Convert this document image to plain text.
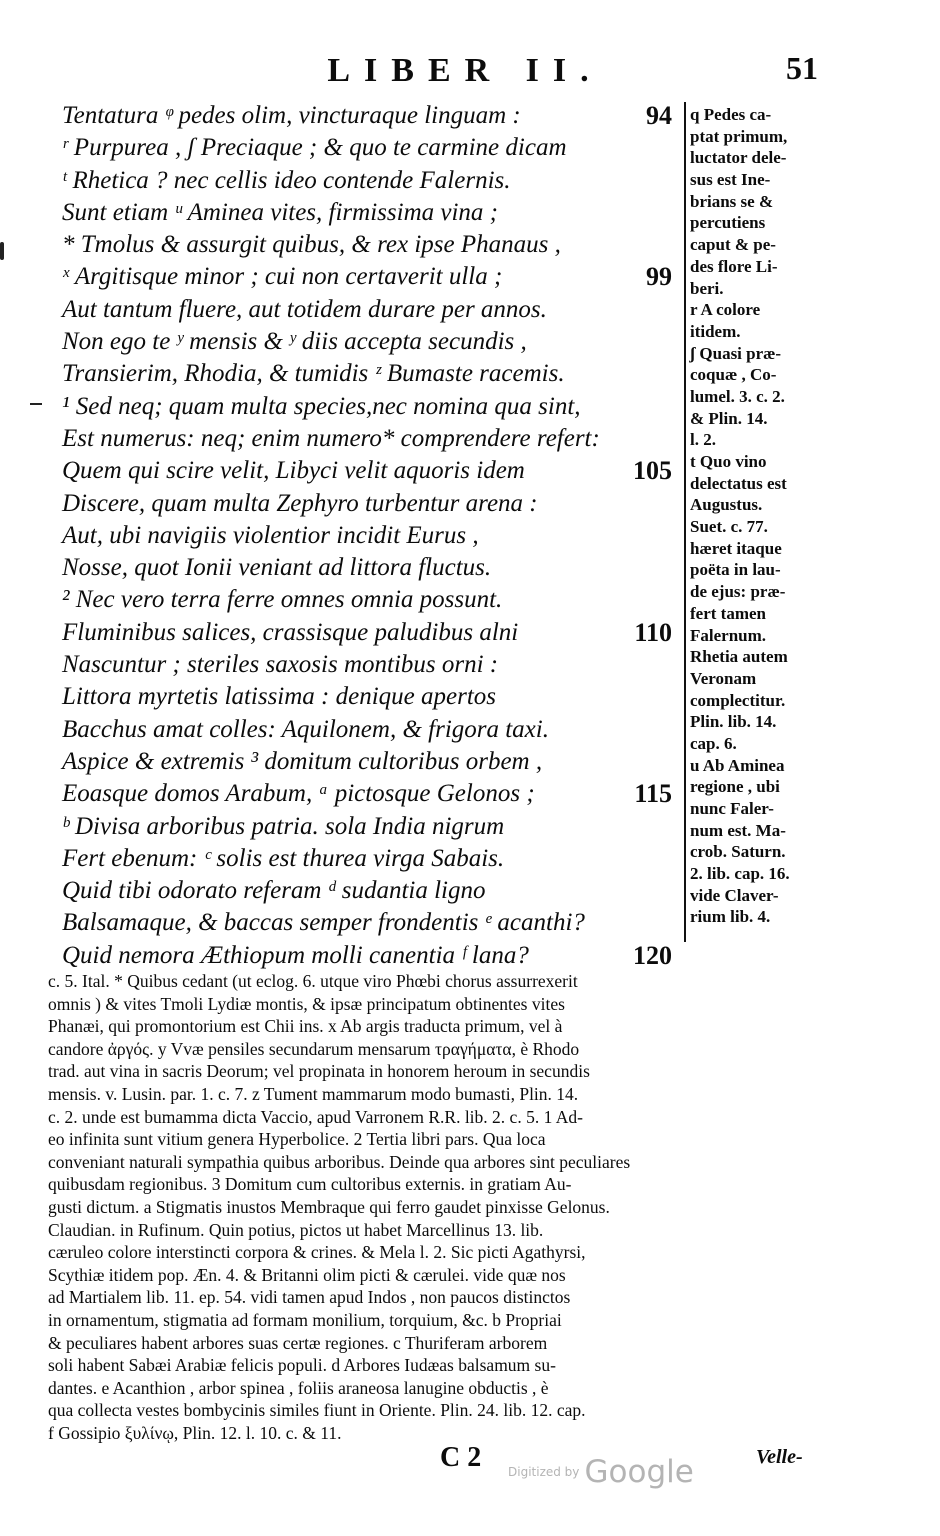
LIBER II.	51
Tentatura ᵠ pedes olim, vincturaque linguam :	94
ʳ Purpurea , ʃ Preciaque ; & quo te carmine dicam
ᵗ Rhetica ? nec cellis ideo contende Falernis.
Sunt etiam ᵘ Aminea vites, firmissima vina ;
* Tmolus & assurgit quibus, & rex ipse Phanaus ,
ˣ Argitisque minor ; cui non certaverit ulla ;	99
Aut tantum fluere, aut totidem durare per annos.
Non ego te ʸ mensis & ʸ diis accepta secundis ,
Transierim, Rhodia, & tumidis ᶻ Bumaste racemis.
¹ Sed neq; quam multa species,nec nomina qua sint,
Est numerus: neq; enim numero* comprendere refert:
Quem qui scire velit, Libyci velit aquoris idem	105
Discere, quam multa Zephyro turbentur arena :
Aut, ubi navigiis violentior incidit Eurus ,
Nosse, quot Ionii veniant ad littora fluctus.
² Nec vero terra ferre omnes omnia possunt.
Fluminibus salices, crassisque paludibus alni	110
Nascuntur ; steriles saxosis montibus orni :
Littora myrtetis latissima : denique apertos
Bacchus amat colles: Aquilonem, & frigora taxi.
Aspice & extremis ³ domitum cultoribus orbem ,
Eoasque domos Arabum, ᵃ pictosque Gelonos ;	115
ᵇ Divisa arboribus patria. sola India nigrum
Fert ebenum: ᶜ solis est thurea virga Sabais.
Quid tibi odorato referam ᵈ sudantia ligno
Balsamaque, & baccas semper frondentis ᵉ acanthi?
Quid nemora Æthiopum molli canentia ᶠ lana?	120
q Pedes ca-
ptat primum,
luctator dele-
sus est Ine-
brians se &
percutiens
caput & pe-
des flore Li-
beri.
r A colore
itidem.
ʃ Quasi præ-
coquæ , Co-
lumel. 3. c. 2.
& Plin. 14.
l. 2.
t Quo vino
delectatus est
Augustus.
Suet. c. 77.
hæret itaque
poëta in lau-
de ejus: præ-
fert tamen
Falernum.
Rhetia autem
Veronam
complectitur.
Plin. lib. 14.
cap. 6.
u Ab Aminea
regione , ubi
nunc Faler-
num est. Ma-
crob. Saturn.
2. lib. cap. 16.
vide Claver-
rium lib. 4.
c. 5. Ital. * Quibus cedant (ut eclog. 6. utque viro Phœbi chorus assurrexerit
omnis ) & vites Tmoli Lydiæ montis, & ipsæ principatum obtinentes vites
Phanæi, qui promontorium est Chii ins. x Ab argis traducta primum, vel à
candore ἀργός. y Vvæ pensiles secundarum mensarum τραγήματα, è Rhodo
trad. aut vina in sacris Deorum; vel propinata in honorem heroum in secundis
mensis. v. Lusin. par. 1. c. 7. z Tument mammarum modo bumasti, Plin. 14.
c. 2. unde est bumamma dicta Vaccio, apud Varronem R.R. lib. 2. c. 5. 1 Ad-
eo infinita sunt vitium genera Hyperbolice. 2 Tertia libri pars. Qua loca
conveniant naturali sympathia quibus arboribus. Deinde qua arbores sint peculiares
quibusdam regionibus. 3 Domitum cum cultoribus externis. in gratiam Au-
gusti dictum. a Stigmatis inustos Membraque qui ferro gaudet pinxisse Gelonus.
Claudian. in Rufinum. Quin potius, pictos ut habet Marcellinus 13. lib.
cæruleo colore interstincti corpora & crines. & Mela l. 2. Sic picti Agathyrsi,
Scythiæ itidem pop. Æn. 4. & Britanni olim picti & cærulei. vide quæ nos
ad Martialem lib. 11. ep. 54. vidi tamen apud Indos , non paucos distinctos
in ornamentum, stigmatia ad formam monilium, torquium, &c. b Propriai
& peculiares habent arbores suas certæ regiones. c Thuriferam arborem
soli habent Sabæi Arabiæ felicis populi. d Arbores Iudæas balsamum su-
dantes. e Acanthion , arbor spinea , foliis araneosa lanugine obductis , è
qua collecta vestes bombycinis similes fiunt in Oriente. Plin. 24. lib. 12. cap.
f Gossipio ξυλίνῳ, Plin. 12. l. 10. c. & 11.
C 2 Digitized by Google	Velle-
